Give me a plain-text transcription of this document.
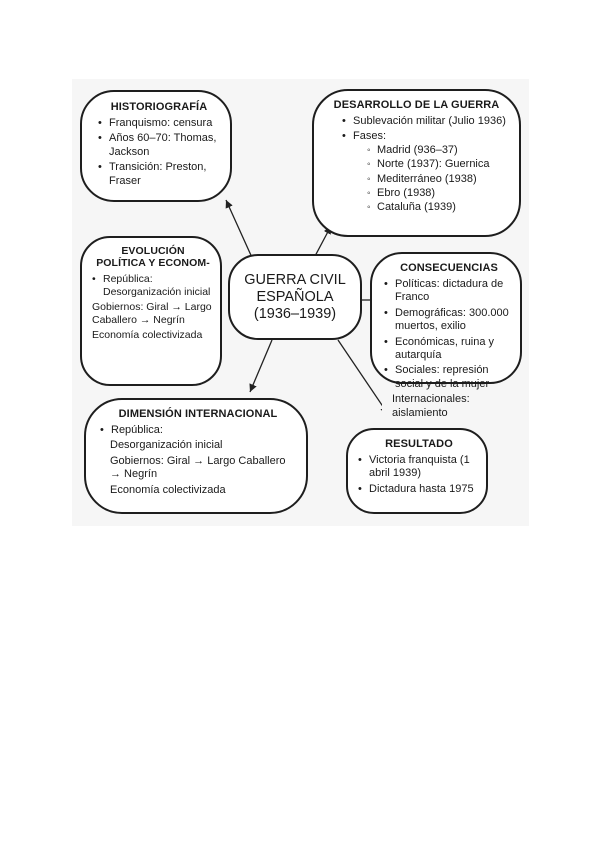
HISTORIOGRAFÍA
• Franquismo: censura
• Años 60–70: Thomas, Jackson
• Transición: Preston, Fraser
DESARROLLO DE LA GUERRA
• Sublevación militar (Julio 1936)
• Fases:
◦ Madrid (936–37)
◦ Norte (1937): Guernica
◦ Mediterráneo (1938)
◦ Ebro (1938)
◦ Cataluña (1939)
EVOLUCIÓN
POLÍTICA Y ECONOM-
• República: Desorganización inicial
Gobiernos: Giral → Largo Caballero → Negrín
Economía colectivizada
GUERRA CIVIL
ESPAÑOLA
(1936–1939)
CONSECUENCIAS
• Políticas: dictadura de Franco
• Demográficas: 300.000 muertos, exilio
• Económicas, ruina y autarquía
• Sociales: represión social y de la mujer
Internacionales: aislamiento
DIMENSIÓN INTERNACIONAL
• República:
Desorganización inicial
Gobiernos: Giral → Largo Caballero → Negrín
Economía colectivizada
RESULTADO
• Victoria franquista (1 abril 1939)
• Dictadura hasta 1975
